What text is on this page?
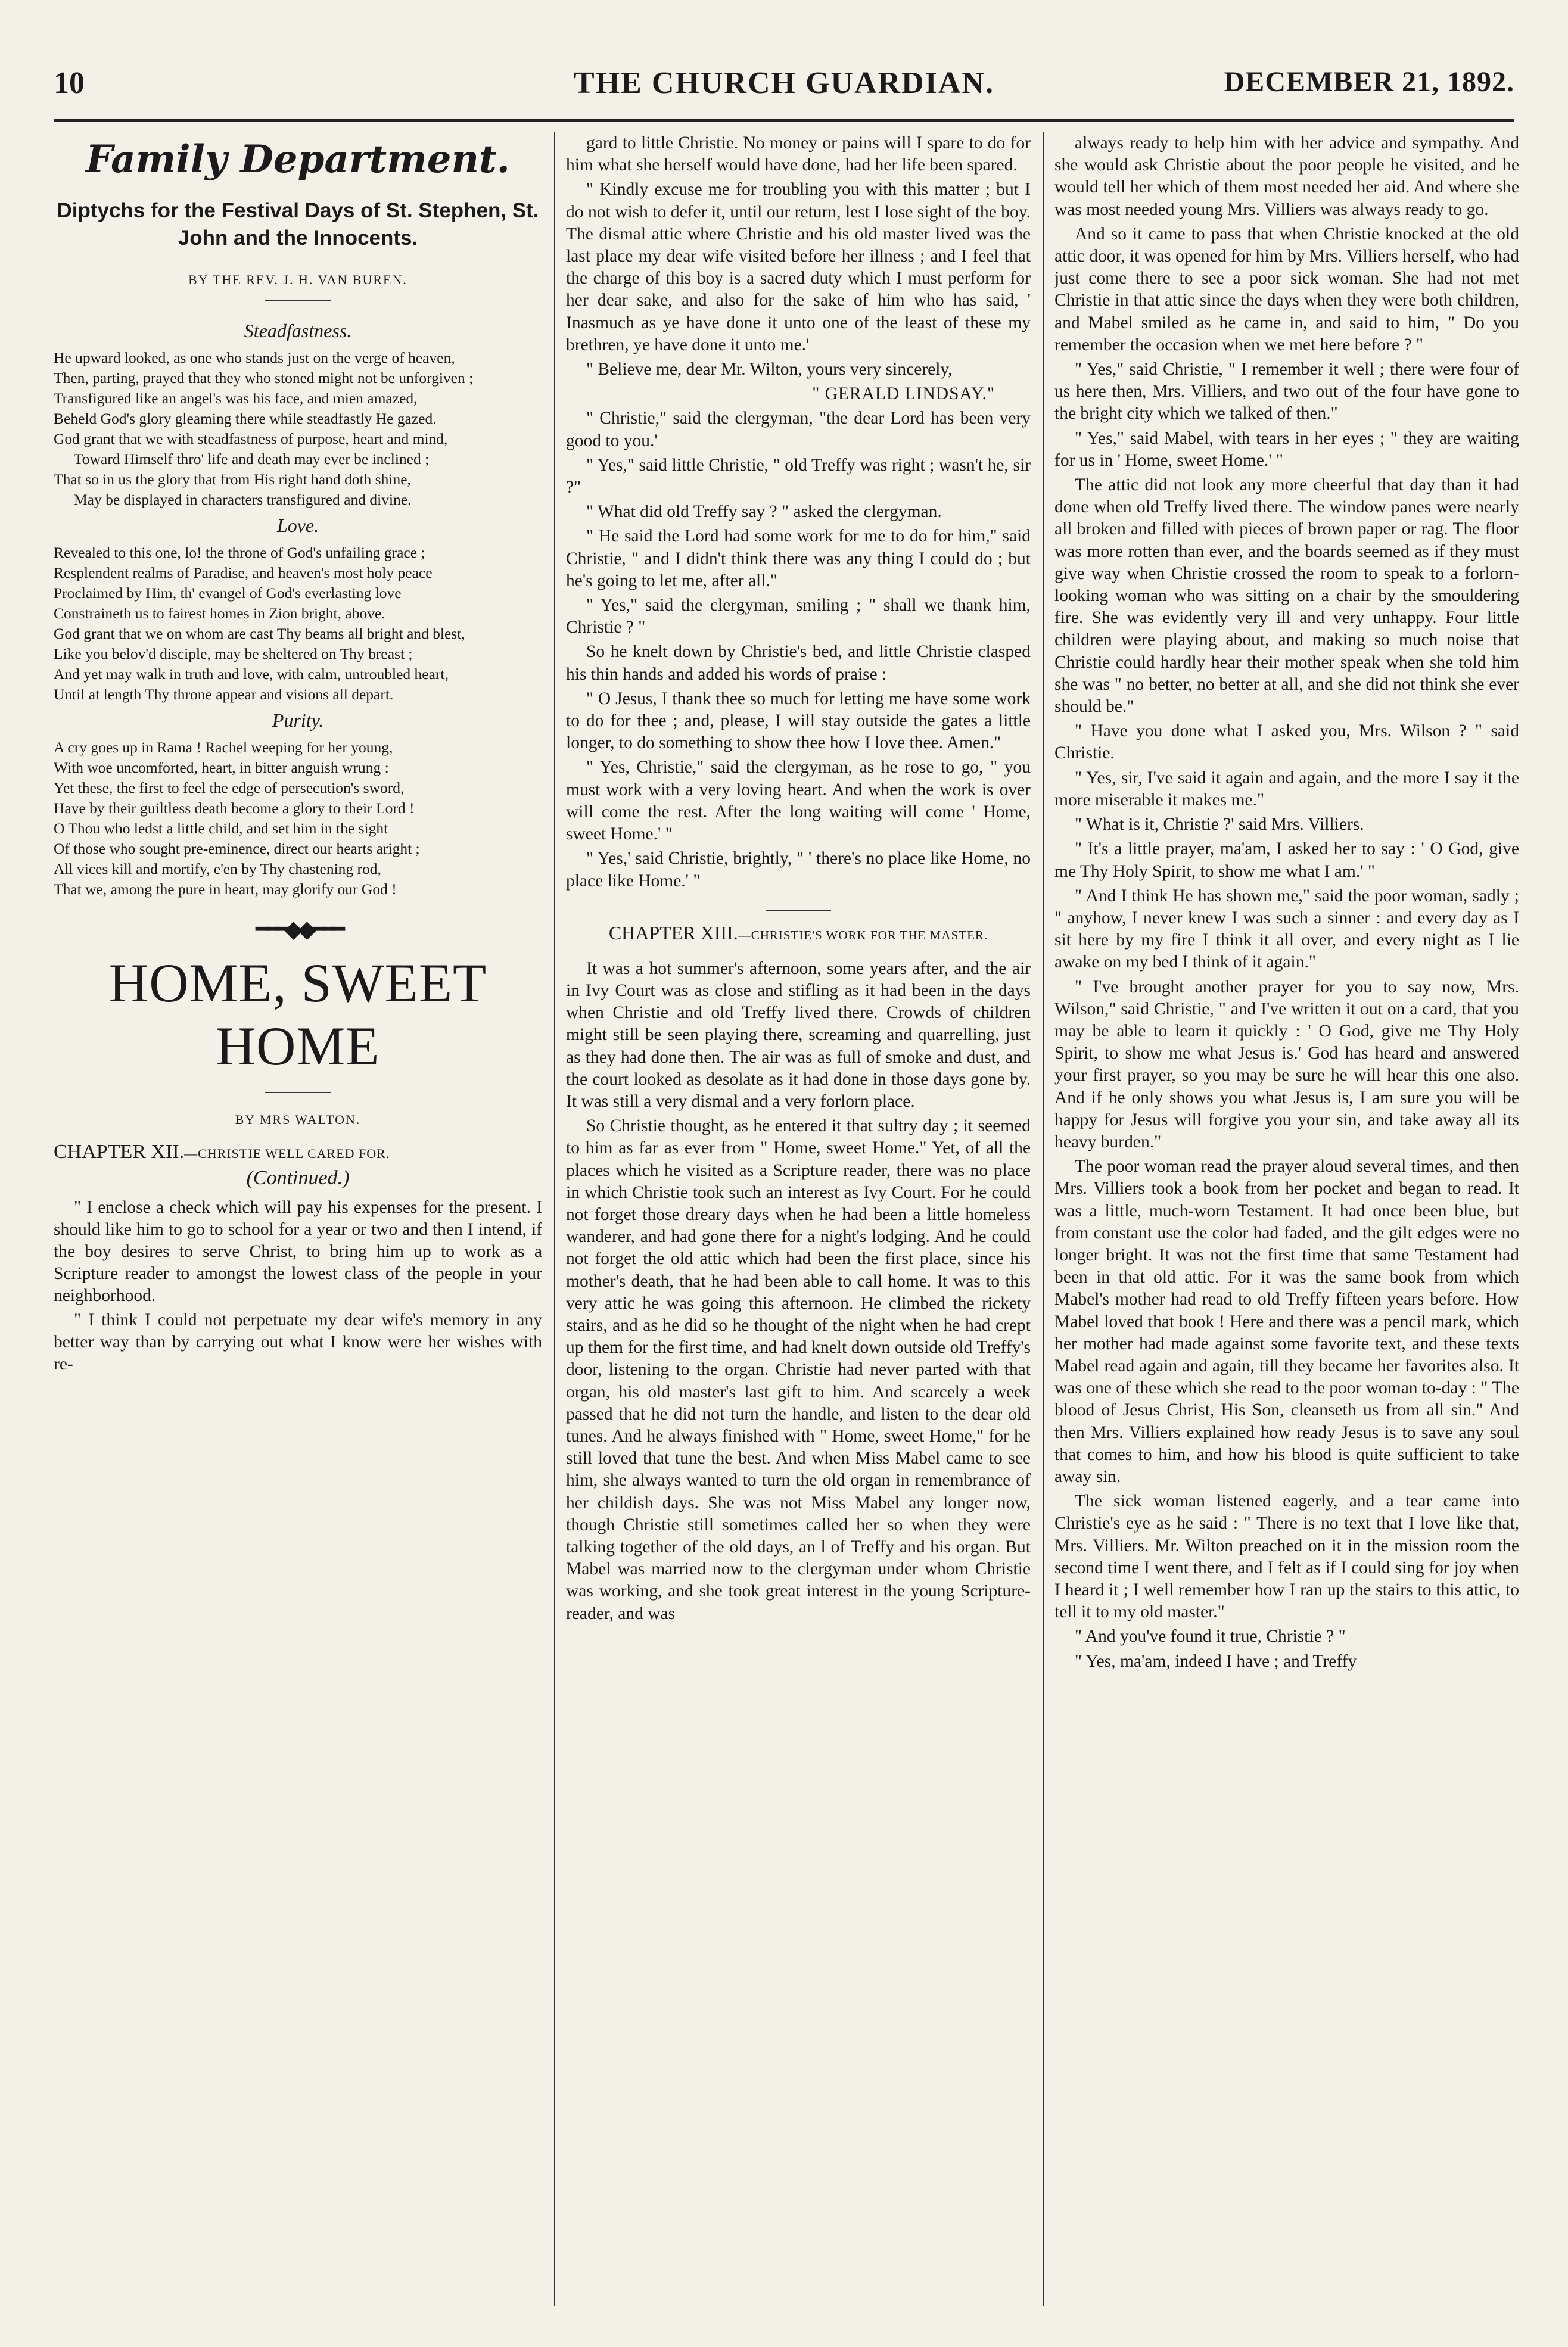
10	THE CHURCH GUARDIAN.	DECEMBER 21, 1892.
Family Department.
Diptychs for the Festival Days of St. Stephen, St. John and the Innocents.
BY THE REV. J. H. VAN BUREN.
Steadfastness.
He upward looked, as one who stands just on the verge of heaven,
Then, parting, prayed that they who stoned might not be unforgiven ;
Transfigured like an angel's was his face, and mien amazed,
Beheld God's glory gleaming there while steadfastly He gazed.
God grant that we with steadfastness of purpose, heart and mind,
Toward Himself thro' life and death may ever be inclined ;
That so in us the glory that from His right hand doth shine,
May be displayed in characters transfigured and divine.
Love.
Revealed to this one, lo! the throne of God's unfailing grace ;
Resplendent realms of Paradise, and heaven's most holy peace
Proclaimed by Him, th' evangel of God's everlasting love
Constraineth us to fairest homes in Zion bright, above.
God grant that we on whom are cast Thy beams all bright and blest,
Like you belov'd disciple, may be sheltered on Thy breast ;
And yet may walk in truth and love, with calm, untroubled heart,
Until at length Thy throne appear and visions all depart.
Purity.
A cry goes up in Rama ! Rachel weeping for her young,
With woe uncomforted, heart, in bitter anguish wrung :
Yet these, the first to feel the edge of persecution's sword,
Have by their guiltless death become a glory to their Lord !
O Thou who ledst a little child, and set him in the sight
Of those who sought pre-eminence, direct our hearts aright ;
All vices kill and mortify, e'en by Thy chastening rod,
That we, among the pure in heart, may glorify our God !
━━━◆◆━━━
HOME, SWEET HOME
BY MRS WALTON.
CHAPTER XII.—CHRISTIE WELL CARED FOR.
(Continued.)

" I enclose a check which will pay his expenses for the present. I should like him to go to school for a year or two and then I intend, if the boy desires to serve Christ, to bring him up to work as a Scripture reader to amongst the lowest class of the people in your neighborhood.

" I think I could not perpetuate my dear wife's memory in any better way than by carrying out what I know were her wishes with re-

gard to little Christie. No money or pains will I spare to do for him what she herself would have done, had her life been spared.

" Kindly excuse me for troubling you with this matter ; but I do not wish to defer it, until our return, lest I lose sight of the boy. The dismal attic where Christie and his old master lived was the last place my dear wife visited before her illness ; and I feel that the charge of this boy is a sacred duty which I must perform for her dear sake, and also for the sake of him who has said, ' Inasmuch as ye have done it unto one of the least of these my brethren, ye have done it unto me.'

" Believe me, dear Mr. Wilton, yours very sincerely,

" GERALD LINDSAY."

" Christie," said the clergyman, "the dear Lord has been very good to you.'

" Yes," said little Christie, " old Treffy was right ; wasn't he, sir ?"

" What did old Treffy say ? " asked the clergyman.

" He said the Lord had some work for me to do for him," said Christie, " and I didn't think there was any thing I could do ; but he's going to let me, after all."

" Yes," said the clergyman, smiling ; " shall we thank him, Christie ? "

So he knelt down by Christie's bed, and little Christie clasped his thin hands and added his words of praise :

" O Jesus, I thank thee so much for letting me have some work to do for thee ; and, please, I will stay outside the gates a little longer, to do something to show thee how I love thee. Amen."

" Yes, Christie," said the clergyman, as he rose to go, " you must work with a very loving heart. And when the work is over will come the rest. After the long waiting will come ' Home, sweet Home.' "

" Yes,' said Christie, brightly, " ' there's no place like Home, no place like Home.' "

CHAPTER XIII.—CHRISTIE'S WORK FOR THE MASTER.

It was a hot summer's afternoon, some years after, and the air in Ivy Court was as close and stifling as it had been in the days when Christie and old Treffy lived there. Crowds of children might still be seen playing there, screaming and quarrelling, just as they had done then. The air was as full of smoke and dust, and the court looked as desolate as it had done in those days gone by. It was still a very dismal and a very forlorn place.

So Christie thought, as he entered it that sultry day ; it seemed to him as far as ever from " Home, sweet Home." Yet, of all the places which he visited as a Scripture reader, there was no place in which Christie took such an interest as Ivy Court. For he could not forget those dreary days when he had been a little homeless wanderer, and had gone there for a night's lodging. And he could not forget the old attic which had been the first place, since his mother's death, that he had been able to call home. It was to this very attic he was going this afternoon. He climbed the rickety stairs, and as he did so he thought of the night when he had crept up them for the first time, and had knelt down outside old Treffy's door, listening to the organ. Christie had never parted with that organ, his old master's last gift to him. And scarcely a week passed that he did not turn the handle, and listen to the dear old tunes. And he always finished with " Home, sweet Home," for he still loved that tune the best. And when Miss Mabel came to see him, she always wanted to turn the old organ in remembrance of her childish days. She was not Miss Mabel any longer now, though Christie still sometimes called her so when they were talking together of the old days, an l of Treffy and his organ. But Mabel was married now to the clergyman under whom Christie was working, and she took great interest in the young Scripture-reader, and was

always ready to help him with her advice and sympathy. And she would ask Christie about the poor people he visited, and he would tell her which of them most needed her aid. And where she was most needed young Mrs. Villiers was always ready to go.

And so it came to pass that when Christie knocked at the old attic door, it was opened for him by Mrs. Villiers herself, who had just come there to see a poor sick woman. She had not met Christie in that attic since the days when they were both children, and Mabel smiled as he came in, and said to him, " Do you remember the occasion when we met here before ? "

" Yes," said Christie, " I remember it well ; there were four of us here then, Mrs. Villiers, and two out of the four have gone to the bright city which we talked of then."

" Yes," said Mabel, with tears in her eyes ; " they are waiting for us in ' Home, sweet Home.' "

The attic did not look any more cheerful that day than it had done when old Treffy lived there. The window panes were nearly all broken and filled with pieces of brown paper or rag. The floor was more rotten than ever, and the boards seemed as if they must give way when Christie crossed the room to speak to a forlorn-looking woman who was sitting on a chair by the smouldering fire. She was evidently very ill and very unhappy. Four little children were playing about, and making so much noise that Christie could hardly hear their mother speak when she told him she was " no better, no better at all, and she did not think she ever should be."

" Have you done what I asked you, Mrs. Wilson ? " said Christie.

" Yes, sir, I've said it again and again, and the more I say it the more miserable it makes me."

" What is it, Christie ?' said Mrs. Villiers.

" It's a little prayer, ma'am, I asked her to say : ' O God, give me Thy Holy Spirit, to show me what I am.' "

" And I think He has shown me," said the poor woman, sadly ; " anyhow, I never knew I was such a sinner : and every day as I sit here by my fire I think it all over, and every night as I lie awake on my bed I think of it again."

" I've brought another prayer for you to say now, Mrs. Wilson," said Christie, " and I've written it out on a card, that you may be able to learn it quickly : ' O God, give me Thy Holy Spirit, to show me what Jesus is.' God has heard and answered your first prayer, so you may be sure he will hear this one also. And if he only shows you what Jesus is, I am sure you will be happy for Jesus will forgive you your sin, and take away all its heavy burden."

The poor woman read the prayer aloud several times, and then Mrs. Villiers took a book from her pocket and began to read. It was a little, much-worn Testament. It had once been blue, but from constant use the color had faded, and the gilt edges were no longer bright. It was not the first time that same Testament had been in that old attic. For it was the same book from which Mabel's mother had read to old Treffy fifteen years before. How Mabel loved that book ! Here and there was a pencil mark, which her mother had made against some favorite text, and these texts Mabel read again and again, till they became her favorites also. It was one of these which she read to the poor woman to-day : " The blood of Jesus Christ, His Son, cleanseth us from all sin." And then Mrs. Villiers explained how ready Jesus is to save any soul that comes to him, and how his blood is quite sufficient to take away sin.

The sick woman listened eagerly, and a tear came into Christie's eye as he said : " There is no text that I love like that, Mrs. Villiers. Mr. Wilton preached on it in the mission room the second time I went there, and I felt as if I could sing for joy when I heard it ; I well remember how I ran up the stairs to this attic, to tell it to my old master."

" And you've found it true, Christie ? "

" Yes, ma'am, indeed I have ; and Treffy
